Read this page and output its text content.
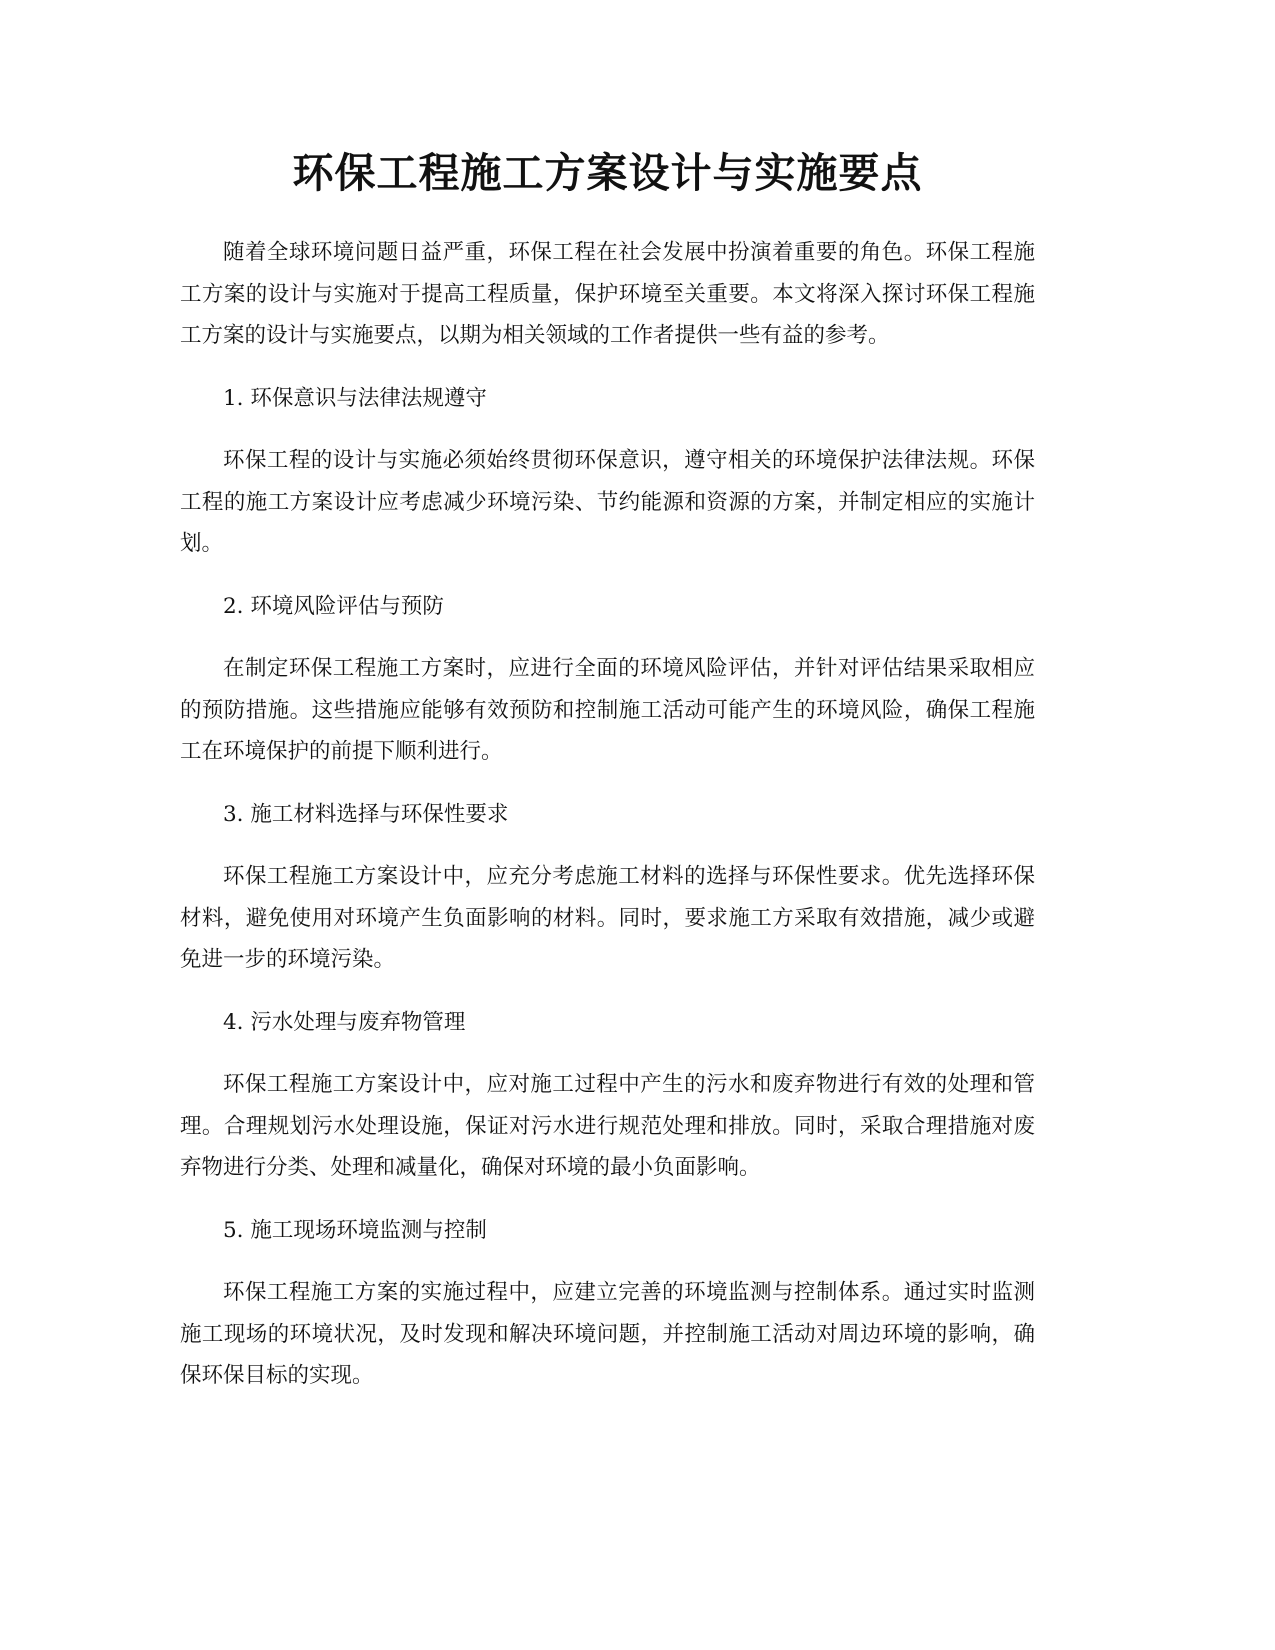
环保工程施工方案设计与实施要点

随着全球环境问题日益严重，环保工程在社会发展中扮演着重要的角色。环保工程施工方案的设计与实施对于提高工程质量，保护环境至关重要。本文将深入探讨环保工程施工方案的设计与实施要点，以期为相关领域的工作者提供一些有益的参考。

1. 环保意识与法律法规遵守

环保工程的设计与实施必须始终贯彻环保意识，遵守相关的环境保护法律法规。环保工程的施工方案设计应考虑减少环境污染、节约能源和资源的方案，并制定相应的实施计划。

2. 环境风险评估与预防

在制定环保工程施工方案时，应进行全面的环境风险评估，并针对评估结果采取相应的预防措施。这些措施应能够有效预防和控制施工活动可能产生的环境风险，确保工程施工在环境保护的前提下顺利进行。

3. 施工材料选择与环保性要求

环保工程施工方案设计中，应充分考虑施工材料的选择与环保性要求。优先选择环保材料，避免使用对环境产生负面影响的材料。同时，要求施工方采取有效措施，减少或避免进一步的环境污染。

4. 污水处理与废弃物管理

环保工程施工方案设计中，应对施工过程中产生的污水和废弃物进行有效的处理和管理。合理规划污水处理设施，保证对污水进行规范处理和排放。同时，采取合理措施对废弃物进行分类、处理和减量化，确保对环境的最小负面影响。

5. 施工现场环境监测与控制

环保工程施工方案的实施过程中，应建立完善的环境监测与控制体系。通过实时监测施工现场的环境状况，及时发现和解决环境问题，并控制施工活动对周边环境的影响，确保环保目标的实现。
